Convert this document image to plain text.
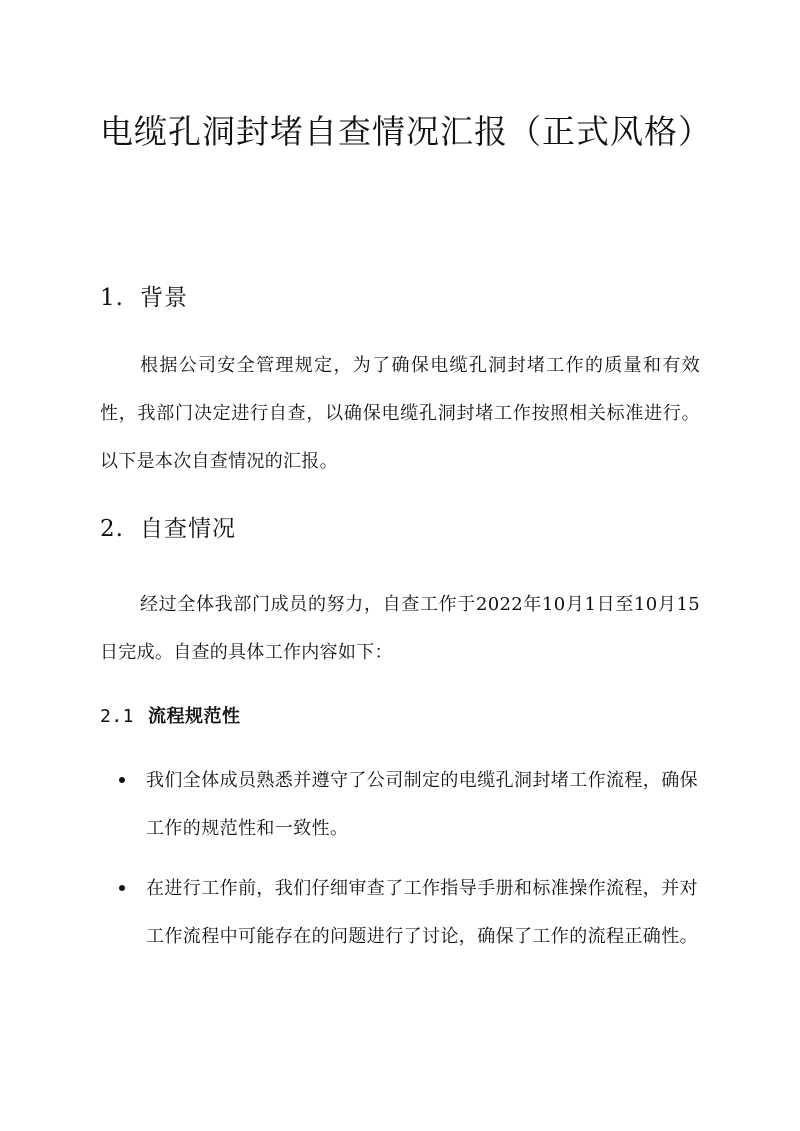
电缆孔洞封堵自查情况汇报（正式风格）
1. 背景
根据公司安全管理规定，为了确保电缆孔洞封堵工作的质量和有效性，我部门决定进行自查，以确保电缆孔洞封堵工作按照相关标准进行。以下是本次自查情况的汇报。
2. 自查情况
经过全体我部门成员的努力，自查工作于2022年10月1日至10月15日完成。自查的具体工作内容如下：
2.1 流程规范性
我们全体成员熟悉并遵守了公司制定的电缆孔洞封堵工作流程，确保工作的规范性和一致性。
在进行工作前，我们仔细审查了工作指导手册和标准操作流程，并对工作流程中可能存在的问题进行了讨论，确保了工作的流程正确性。
